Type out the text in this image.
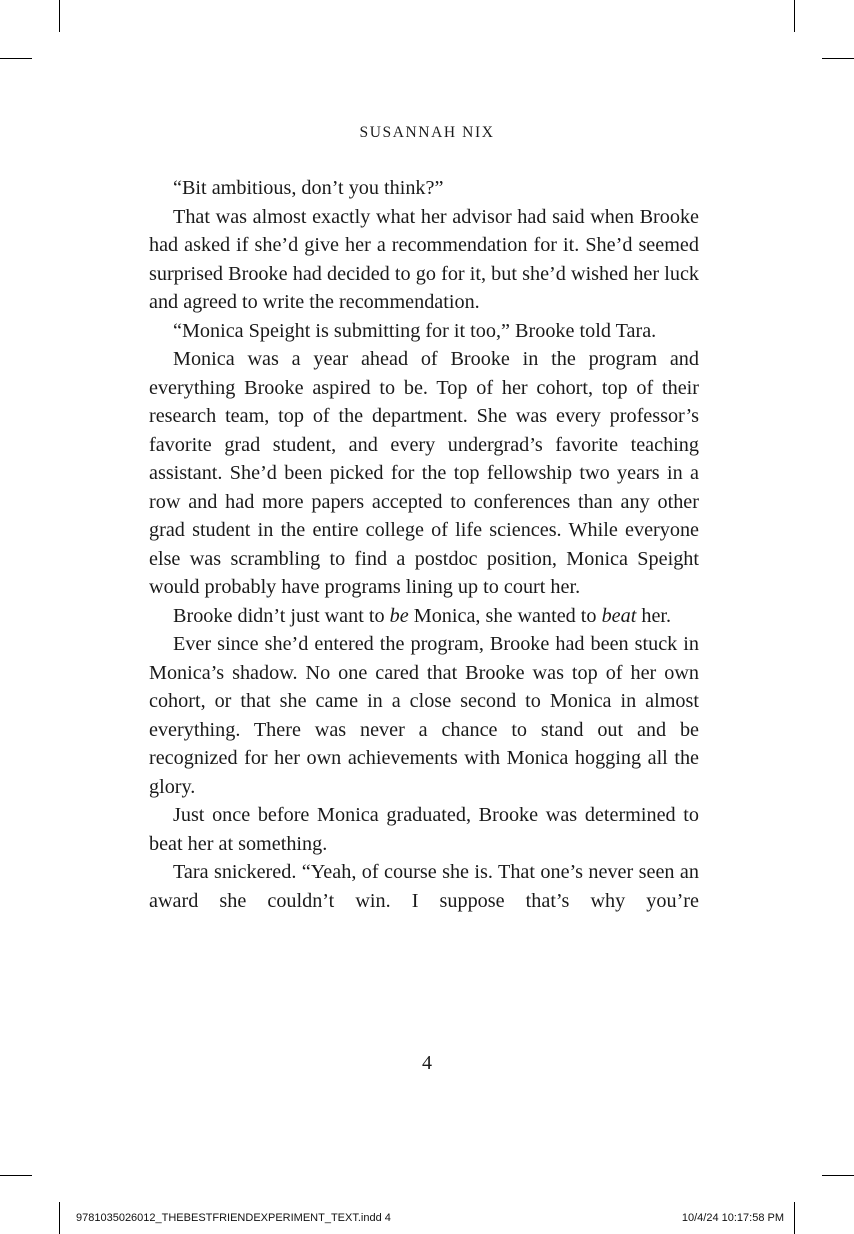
SUSANNAH NIX

“Bit ambitious, don’t you think?”

That was almost exactly what her advisor had said when Brooke had asked if she’d give her a recommendation for it. She’d seemed surprised Brooke had decided to go for it, but she’d wished her luck and agreed to write the recommendation.

“Monica Speight is submitting for it too,” Brooke told Tara.

Monica was a year ahead of Brooke in the program and everything Brooke aspired to be. Top of her cohort, top of their research team, top of the department. She was every professor’s favorite grad student, and every undergrad’s favorite teaching assistant. She’d been picked for the top fellowship two years in a row and had more papers accepted to conferences than any other grad student in the entire college of life sciences. While everyone else was scrambling to find a postdoc position, Monica Speight would probably have programs lining up to court her.

Brooke didn’t just want to be Monica, she wanted to beat her.

Ever since she’d entered the program, Brooke had been stuck in Monica’s shadow. No one cared that Brooke was top of her own cohort, or that she came in a close second to Monica in almost everything. There was never a chance to stand out and be recognized for her own achievements with Monica hogging all the glory.

Just once before Monica graduated, Brooke was determined to beat her at something.

Tara snickered. “Yeah, of course she is. That one’s never seen an award she couldn’t win. I suppose that’s why you’re

4
9781035026012_THEBESTFRIENDEXPERIMENT_TEXT.indd 4	10/4/24 10:17:58 PM
